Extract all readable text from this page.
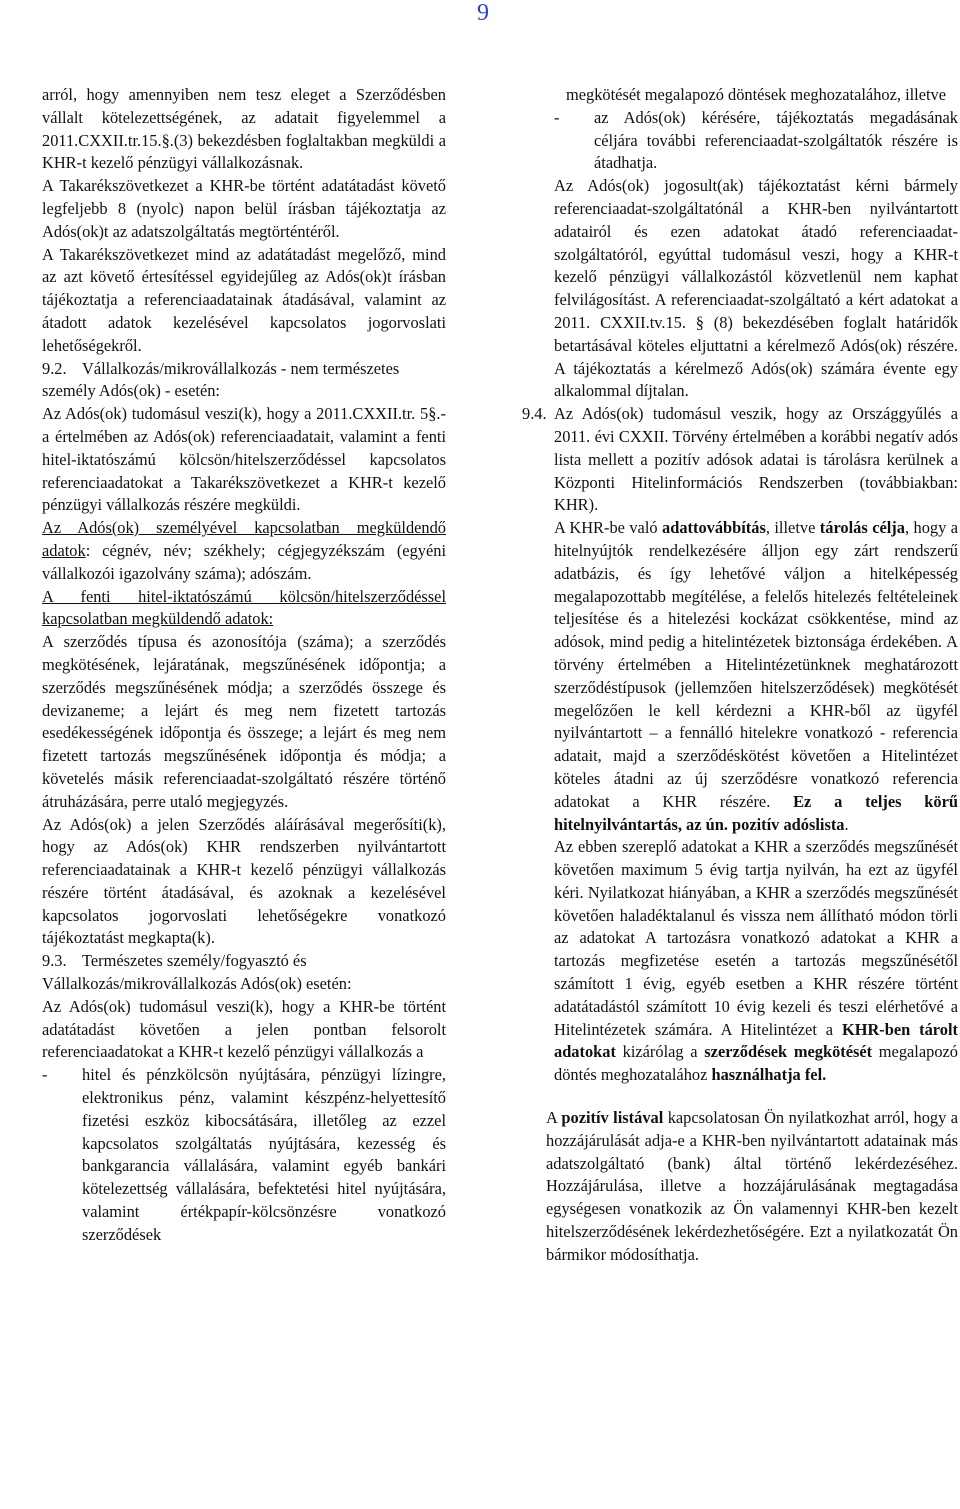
9

arról, hogy amennyiben nem tesz eleget a Szerződésben vállalt kötelezettségének, az adatait figyelemmel a 2011.CXXII.tr.15.§.(3) bekezdésben foglaltakban megküldi a KHR-t kezelő pénzügyi vállalkozásnak.

A Takarékszövetkezet a KHR-be történt adatátadást követő legfeljebb 8 (nyolc) napon belül írásban tájékoztatja az Adós(ok)t az adatszolgáltatás megtörténtéről.

A Takarékszövetkezet mind az adatátadást megelőző, mind az azt követő értesítéssel egyidejűleg az Adós(ok)t írásban tájékoztatja a referenciaadatainak átadásával, valamint az átadott adatok kezelésével kapcsolatos jogorvoslati lehetőségekről.

9.2. Vállalkozás/mikrovállalkozás - nem természetes személy Adós(ok) - esetén:

Az Adós(ok) tudomásul veszi(k), hogy a 2011.CXXII.tr. 5§.-a értelmében az Adós(ok) referenciaadatait, valamint a fenti hitel-iktatószámú kölcsön/hitelszerződéssel kapcsolatos referenciaadatokat a Takarékszövetkezet a KHR-t kezelő pénzügyi vállalkozás részére megküldi.

Az Adós(ok) személyével kapcsolatban megküldendő adatok: cégnév, név; székhely; cégjegyzékszám (egyéni vállalkozói igazolvány száma); adószám.

A fenti hitel-iktatószámú kölcsön/hitelszerződéssel kapcsolatban megküldendő adatok:

A szerződés típusa és azonosítója (száma); a szerződés megkötésének, lejáratának, megszűnésének időpontja; a szerződés megszűnésének módja; a szerződés összege és devizaneme; a lejárt és meg nem fizetett tartozás esedékességének időpontja és összege; a lejárt és meg nem fizetett tartozás megszűnésének időpontja és módja; a követelés másik referenciaadat-szolgáltató részére történő átruházására, perre utaló megjegyzés.

Az Adós(ok) a jelen Szerződés aláírásával megerősíti(k), hogy az Adós(ok) KHR rendszerben nyilvántartott referenciaadatainak a KHR-t kezelő pénzügyi vállalkozás részére történt átadásával, és azoknak a kezelésével kapcsolatos jogorvoslati lehetőségekre vonatkozó tájékoztatást megkapta(k).

9.3. Természetes személy/fogyasztó és Vállalkozás/mikrovállalkozás Adós(ok) esetén:

Az Adós(ok) tudomásul veszi(k), hogy a KHR-be történt adatátadást követően a jelen pontban felsorolt referenciaadatokat a KHR-t kezelő pénzügyi vállalkozás a

- hitel és pénzkölcsön nyújtására, pénzügyi lízingre, elektronikus pénz, valamint készpénz-helyettesítő fizetési eszköz kibocsátására, illetőleg az ezzel kapcsolatos szolgáltatás nyújtására, kezesség és bankgarancia vállalására, valamint egyéb bankári kötelezettség vállalására, befektetési hitel nyújtására, valamint értékpapír-kölcsönzésre vonatkozó szerződések

megkötését megalapozó döntések meghozatalához, illetve

- az Adós(ok) kérésére, tájékoztatás megadásának céljára további referenciaadat-szolgáltatók részére is átadhatja.

Az Adós(ok) jogosult(ak) tájékoztatást kérni bármely referenciaadat-szolgáltatónál a KHR-ben nyilvántartott adatairól és ezen adatokat átadó referenciaadat-szolgáltatóról, egyúttal tudomásul veszi, hogy a KHR-t kezelő pénzügyi vállalkozástól közvetlenül nem kaphat felvilágosítást. A referenciaadat-szolgáltató a kért adatokat a 2011. CXXII.tv.15. § (8) bekezdésében foglalt határidők betartásával köteles eljuttatni a kérelmező Adós(ok) részére. A tájékoztatás a kérelmező Adós(ok) számára évente egy alkalommal díjtalan.

9.4. Az Adós(ok) tudomásul veszik, hogy az Országgyűlés a 2011. évi CXXII. Törvény értelmében a korábbi negatív adós lista mellett a pozitív adósok adatai is tárolásra kerülnek a Központi Hitelinformációs Rendszerben (továbbiakban: KHR).

A KHR-be való adattovábbítás, illetve tárolás célja, hogy a hitelnyújtók rendelkezésére álljon egy zárt rendszerű adatbázis, és így lehetővé váljon a hitelképesség megalapozottabb megítélése, a felelős hitelezés feltételeinek teljesítése és a hitelezési kockázat csökkentése, mind az adósok, mind pedig a hitelintézetek biztonsága érdekében. A törvény értelmében a Hitelintézetünknek meghatározott szerződéstípusok (jellemzően hitelszerződések) megkötését megelőzően le kell kérdezni a KHR-ből az ügyfél nyilvántartott – a fennálló hitelekre vonatkozó - referencia adatait, majd a szerződéskötést követően a Hitelintézet köteles átadni az új szerződésre vonatkozó referencia adatokat a KHR részére. Ez a teljes körű hitelnyilvántartás, az ún. pozitív adóslista.

Az ebben szereplő adatokat a KHR a szerződés megszűnését követően maximum 5 évig tartja nyilván, ha ezt az ügyfél kéri. Nyilatkozat hiányában, a KHR a szerződés megszűnését követően haladéktalanul és vissza nem állítható módon törli az adatokat A tartozásra vonatkozó adatokat a KHR a tartozás megfizetése esetén a tartozás megszűnésétől számított 1 évig, egyéb esetben a KHR részére történt adatátadástól számított 10 évig kezeli és teszi elérhetővé a Hitelintézetek számára. A Hitelintézet a KHR-ben tárolt adatokat kizárólag a szerződések megkötését megalapozó döntés meghozatalához használhatja fel.

A pozitív listával kapcsolatosan Ön nyilatkozhat arról, hogy a hozzájárulását adja-e a KHR-ben nyilvántartott adatainak más adatszolgáltató (bank) által történő lekérdezéséhez. Hozzájárulása, illetve a hozzájárulásának megtagadása egységesen vonatkozik az Ön valamennyi KHR-ben kezelt hitelszerződésének lekérdezhetőségére. Ezt a nyilatkozatát Ön bármikor módosíthatja.
